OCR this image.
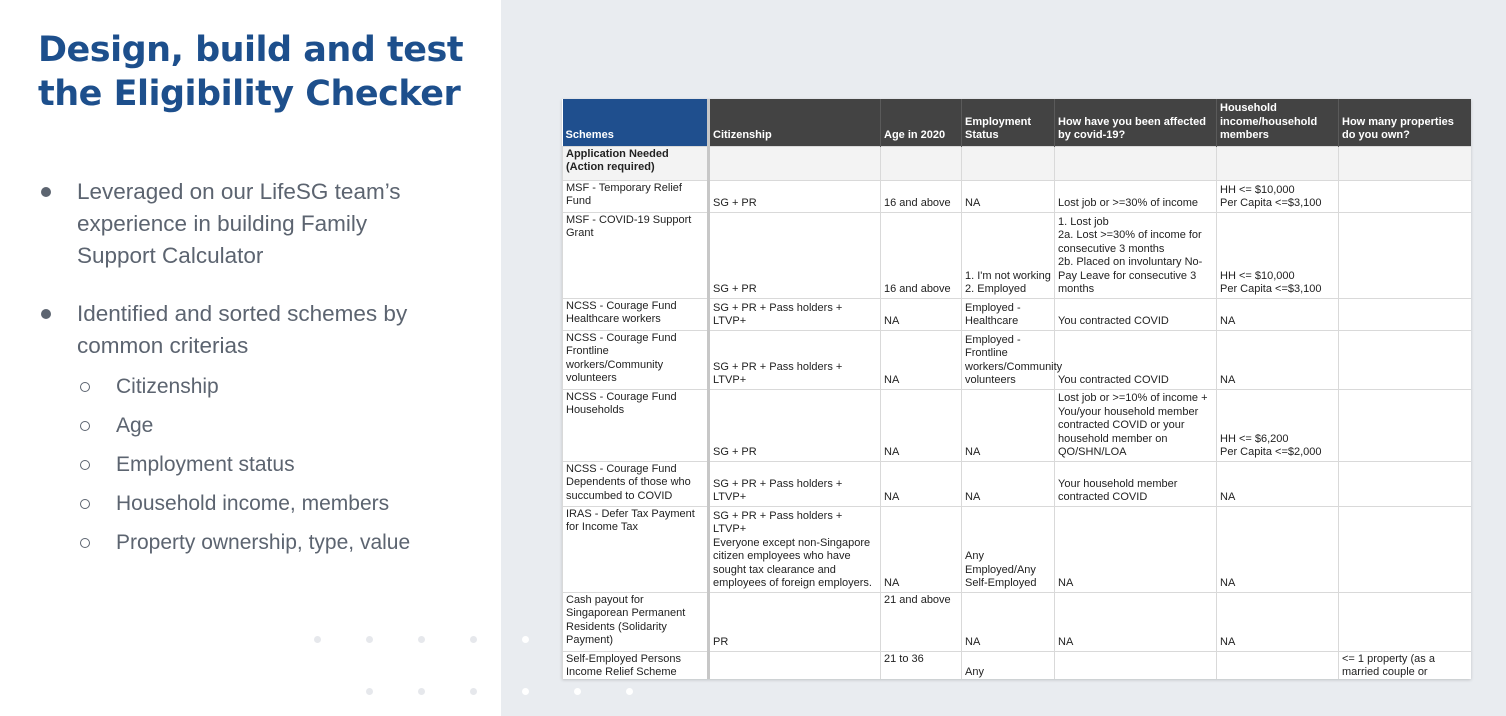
Design, build and test
the Eligibility Checker
Leveraged on our LifeSG team’s experience in building Family Support Calculator
Identified and sorted schemes by common criterias
Citizenship
Age
Employment status
Household income, members
Property ownership, type, value
Schemes	Citizenship	Age in 2020	Employment Status	How have you been affected by covid-19?	Household income/household members	How many properties do you own?
Application Needed
(Action required)						
MSF - Temporary Relief Fund	SG + PR	16 and above	NA	Lost job or >=30% of income	HH <= $10,000
Per Capita <=$3,100	
MSF - COVID-19 Support Grant	SG + PR	16 and above	1. I'm not working
2. Employed	1. Lost job
2a. Lost >=30% of income for consecutive 3 months
2b. Placed on involuntary No-Pay Leave for consecutive 3 months	HH <= $10,000
Per Capita <=$3,100	
NCSS - Courage Fund Healthcare workers	SG + PR + Pass holders + LTVP+	NA	Employed - Healthcare	You contracted COVID	NA	
NCSS - Courage Fund Frontline workers/Community volunteers	SG + PR + Pass holders + LTVP+	NA	Employed - Frontline workers/Community volunteers	You contracted COVID	NA	
NCSS - Courage Fund Households	SG + PR	NA	NA	Lost job or >=10% of income + You/your household member contracted COVID or your household member on QO/SHN/LOA	HH <= $6,200
Per Capita <=$2,000	
NCSS - Courage Fund Dependents of those who succumbed to COVID	SG + PR + Pass holders + LTVP+	NA	NA	Your household member contracted COVID	NA	
IRAS - Defer Tax Payment for Income Tax	SG + PR + Pass holders + LTVP+
Everyone except non-Singapore citizen employees who have sought tax clearance and employees of foreign employers.	NA	Any Employed/Any Self-Employed	NA	NA	
Cash payout for Singaporean Permanent Residents (Solidarity Payment)	PR	21 and above	NA	NA	NA	
Self-Employed Persons Income Relief Scheme		21 to 36	Any			<= 1 property (as a married couple or
